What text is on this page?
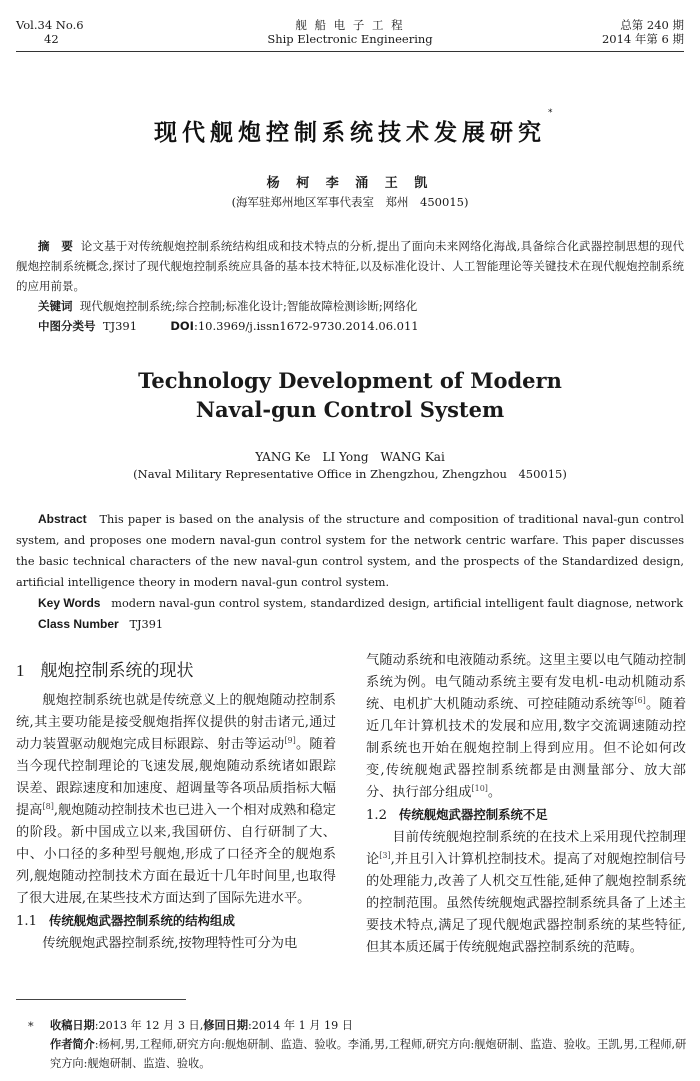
Vol.34 No.6
42
舰 船 电 子 工 程
Ship Electronic Engineering
总第 240 期
2014 年第 6 期
现代舰炮控制系统技术发展研究
*
杨 柯 李 涌 王 凯
(海军驻郑州地区军事代表室　郑州　450015)
摘　要 论文基于对传统舰炮控制系统结构组成和技术特点的分析,提出了面向未来网络化海战,具备综合化武器控制思想的现代舰炮控制系统概念,探讨了现代舰炮控制系统应具备的基本技术特征,以及标准化设计、人工智能理论等关键技术在现代舰炮控制系统的应用前景。
关键词 现代舰炮控制系统;综合控制;标准化设计;智能故障检测诊断;网络化
中图分类号 TJ391	DOI:10.3969/j.issn1672-9730.2014.06.011
Technology Development of Modern
Naval-gun Control System
YANG Ke　LI Yong　WANG Kai
(Naval Military Representative Office in Zhengzhou, Zhengzhou　450015)
Abstract This paper is based on the analysis of the structure and composition of traditional naval-gun control system, and proposes one modern naval-gun control system for the network centric warfare. This paper discusses the basic technical characters of the new naval-gun control system, and the prospects of the Standardized design, artificial intelligence theory in modern naval-gun control system.
Key Words modern naval-gun control system, standardized design, artificial intelligent fault diagnose, network
Class Number TJ391
1 舰炮控制系统的现状

舰炮控制系统也就是传统意义上的舰炮随动控制系统,其主要功能是接受舰炮指挥仪提供的射击诸元,通过动力装置驱动舰炮完成目标跟踪、射击等运动[9]。随着当今现代控制理论的飞速发展,舰炮随动系统诸如跟踪误差、跟踪速度和加速度、超调量等各项品质指标大幅提高[8],舰炮随动控制技术也已进入一个相对成熟和稳定的阶段。新中国成立以来,我国研仿、自行研制了大、中、小口径的多种型号舰炮,形成了口径齐全的舰炮系列,舰炮随动控制技术方面在最近十几年时间里,也取得了很大进展,在某些技术方面达到了国际先进水平。

1.1 传统舰炮武器控制系统的结构组成

传统舰炮武器控制系统,按物理特性可分为电

气随动系统和电液随动系统。这里主要以电气随动控制系统为例。电气随动系统主要有发电机-电动机随动系统、电机扩大机随动系统、可控硅随动系统等[6]。随着近几年计算机技术的发展和应用,数字交流调速随动控制系统也开始在舰炮控制上得到应用。但不论如何改变,传统舰炮武器控制系统都是由测量部分、放大部分、执行部分组成[10]。

1.2 传统舰炮武器控制系统不足

目前传统舰炮控制系统的在技术上采用现代控制理论[3],并且引入计算机控制技术。提高了对舰炮控制信号的处理能力,改善了人机交互性能,延伸了舰炮控制系统的控制范围。虽然传统舰炮武器控制系统具备了上述主要技术特点,满足了现代舰炮武器控制系统的某些特征,但其本质还属于传统舰炮武器控制系统的范畴。

*	收稿日期:2013 年 12 月 3 日,修回日期:2014 年 1 月 19 日
作者简介:杨柯,男,工程师,研究方向:舰炮研制、监造、验收。李涌,男,工程师,研究方向:舰炮研制、监造、验收。王凯,男,工程师,研究方向:舰炮研制、监造、验收。
